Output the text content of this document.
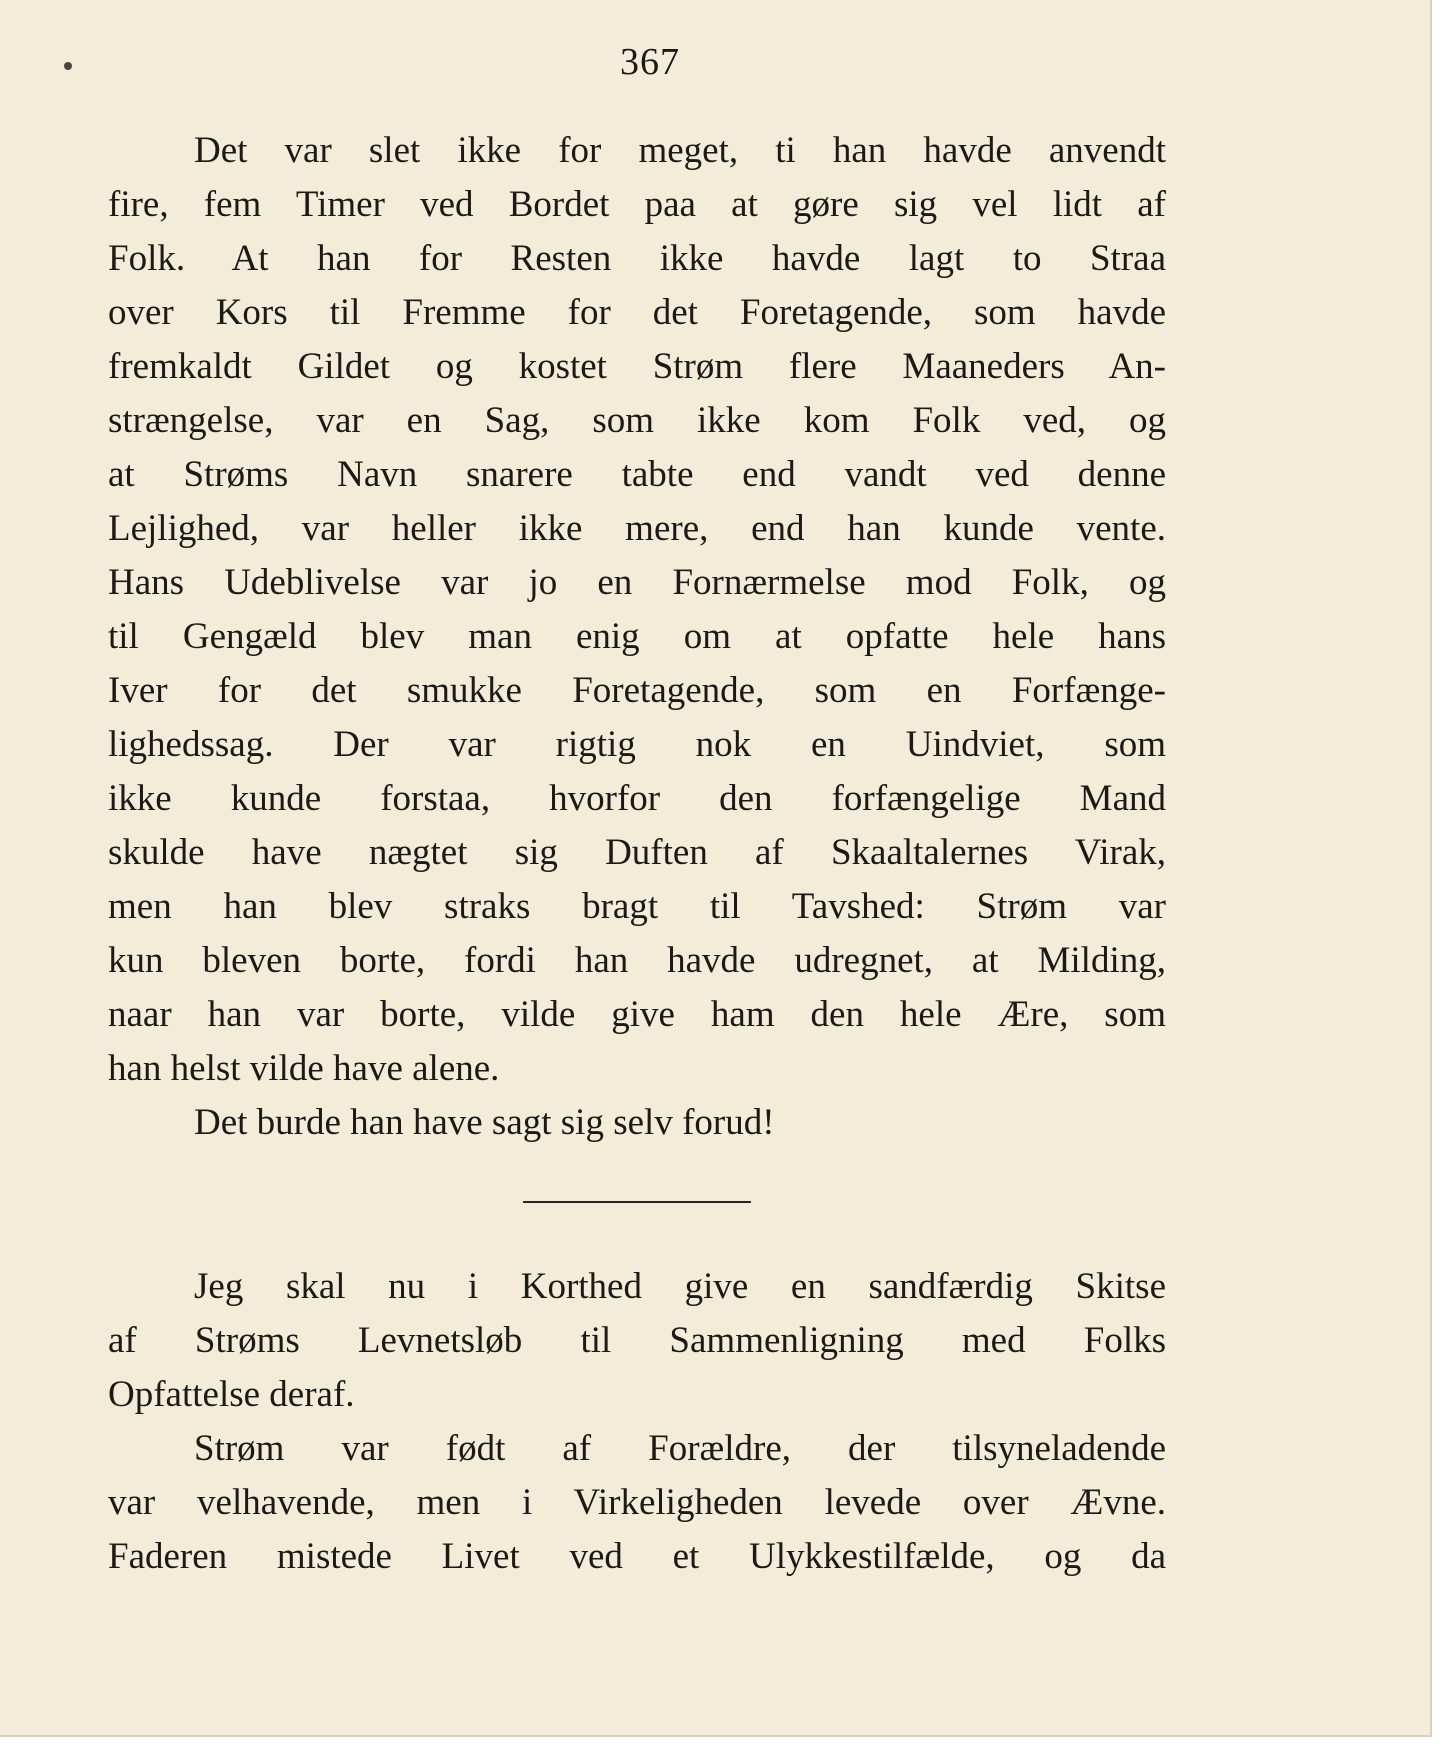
367
Det var slet ikke for meget, ti han havde anvendt
fire, fem Timer ved Bordet paa at gøre sig vel lidt af
Folk. At han for Resten ikke havde lagt to Straa
over Kors til Fremme for det Foretagende, som havde
fremkaldt Gildet og kostet Strøm flere Maaneders An-
strængelse, var en Sag, som ikke kom Folk ved, og
at Strøms Navn snarere tabte end vandt ved denne
Lejlighed, var heller ikke mere, end han kunde vente.
Hans Udeblivelse var jo en Fornærmelse mod Folk, og
til Gengæld blev man enig om at opfatte hele hans
Iver for det smukke Foretagende, som en Forfænge-
lighedssag. Der var rigtig nok en Uindviet, som
ikke kunde forstaa, hvorfor den forfængelige Mand
skulde have nægtet sig Duften af Skaaltalernes Virak,
men han blev straks bragt til Tavshed: Strøm var
kun bleven borte, fordi han havde udregnet, at Milding,
naar han var borte, vilde give ham den hele Ære, som
han helst vilde have alene.
Det burde han have sagt sig selv forud!
Jeg skal nu i Korthed give en sandfærdig Skitse
af Strøms Levnetsløb til Sammenligning med Folks
Opfattelse deraf.
Strøm var født af Forældre, der tilsyneladende
var velhavende, men i Virkeligheden levede over Ævne.
Faderen mistede Livet ved et Ulykkestilfælde, og da
